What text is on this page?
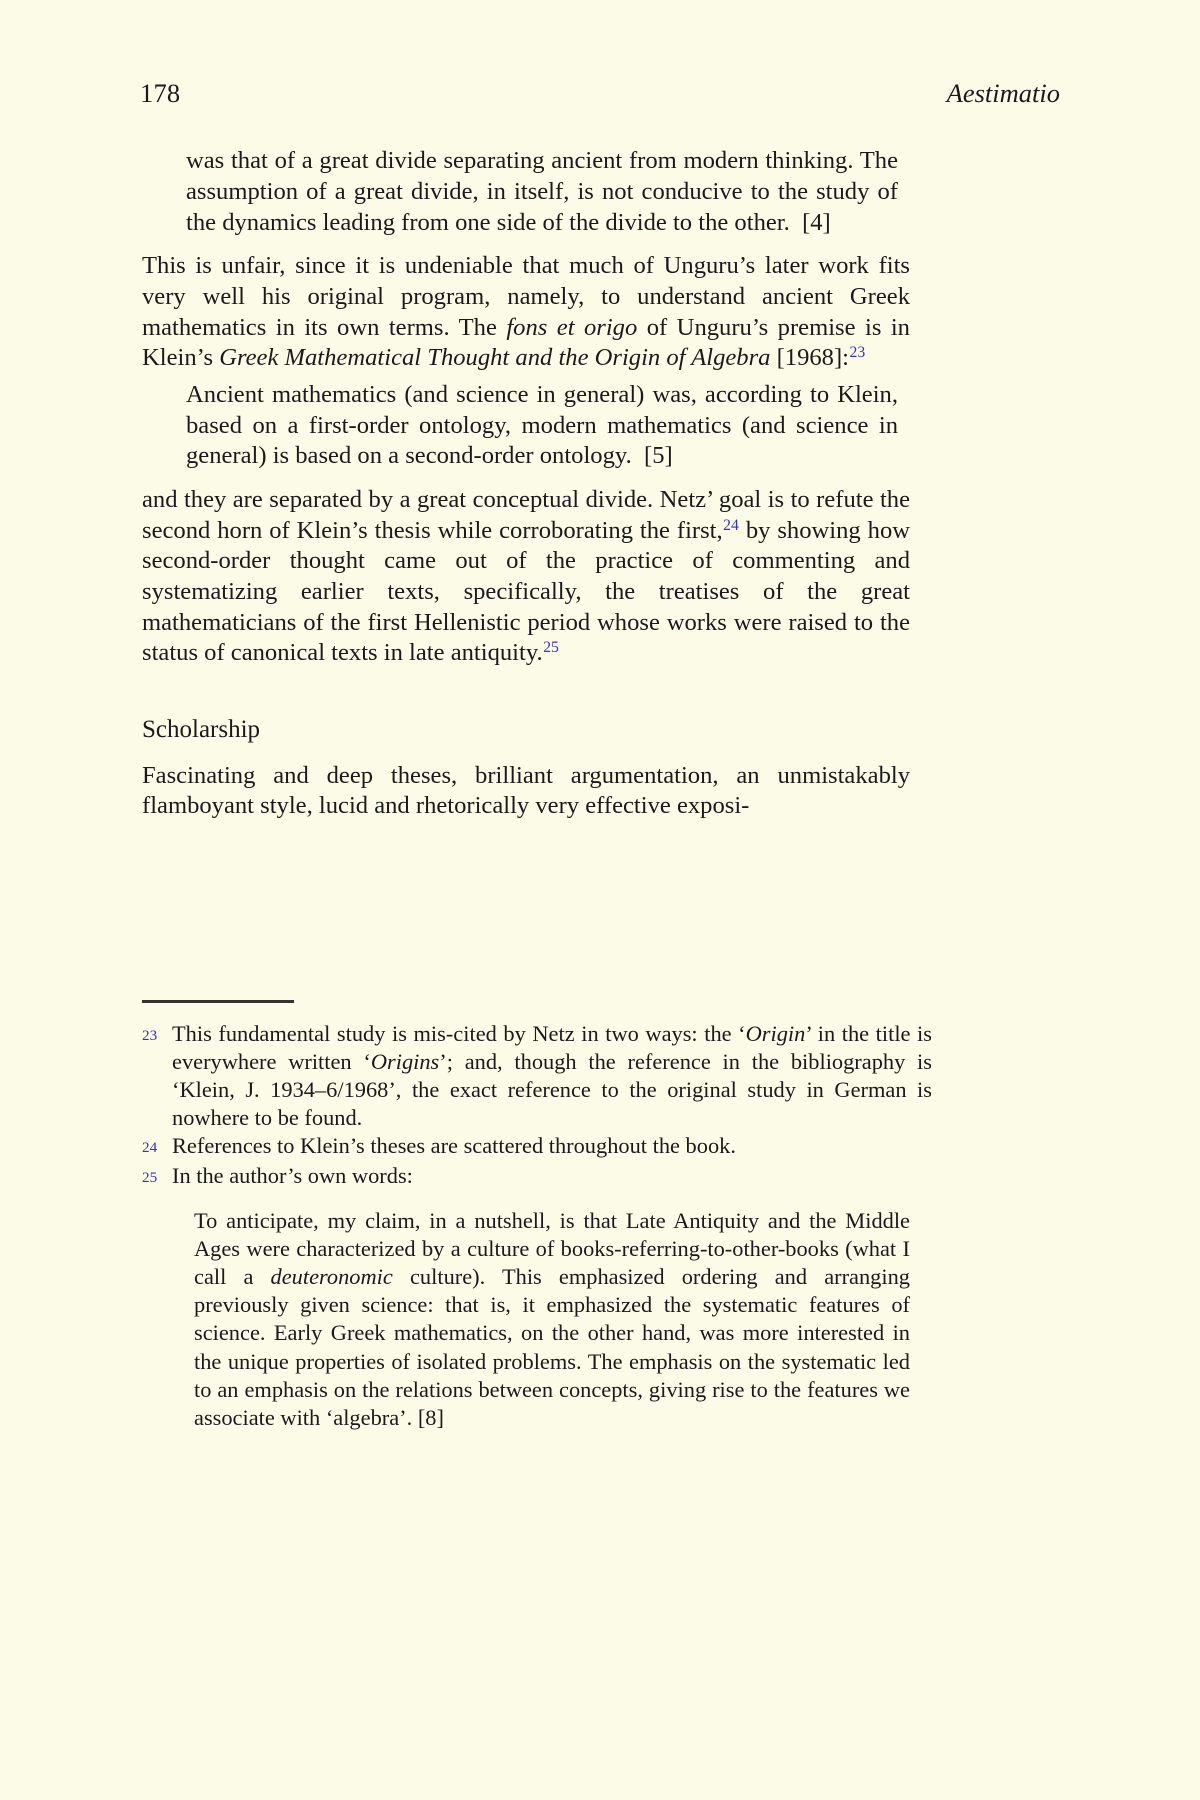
178	Aestimatio

was that of a great divide separating ancient from modern thinking. The assumption of a great divide, in itself, is not conducive to the study of the dynamics leading from one side of the divide to the other. [4]

This is unfair, since it is undeniable that much of Unguru’s later work fits very well his original program, namely, to understand ancient Greek mathematics in its own terms. The fons et origo of Unguru’s premise is in Klein’s Greek Mathematical Thought and the Origin of Algebra [1968]:$^{23}$

Ancient mathematics (and science in general) was, according to Klein, based on a first-order ontology, modern mathematics (and science in general) is based on a second-order ontology. [5]

and they are separated by a great conceptual divide. Netz’ goal is to refute the second horn of Klein’s thesis while corroborating the first,$^{24}$ by showing how second-order thought came out of the practice of commenting and systematizing earlier texts, specifically, the treatises of the great mathematicians of the first Hellenistic period whose works were raised to the status of canonical texts in late antiquity.$^{25}$

Scholarship

Fascinating and deep theses, brilliant argumentation, an unmistakably flamboyant style, lucid and rhetorically very effective exposi-

23 This fundamental study is mis-cited by Netz in two ways: the ‘Origin’ in the title is everywhere written ‘Origins’; and, though the reference in the bibliography is ‘Klein, J. 1934–6/1968’, the exact reference to the original study in German is nowhere to be found.
24 References to Klein’s theses are scattered throughout the book.
25 In the author’s own words:
To anticipate, my claim, in a nutshell, is that Late Antiquity and the Middle Ages were characterized by a culture of books-referring-to-other-books (what I call a deuteronomic culture). This emphasized ordering and arranging previously given science: that is, it emphasized the systematic features of science. Early Greek mathematics, on the other hand, was more interested in the unique properties of isolated problems. The emphasis on the systematic led to an emphasis on the relations between concepts, giving rise to the features we associate with ‘algebra’. [8]
